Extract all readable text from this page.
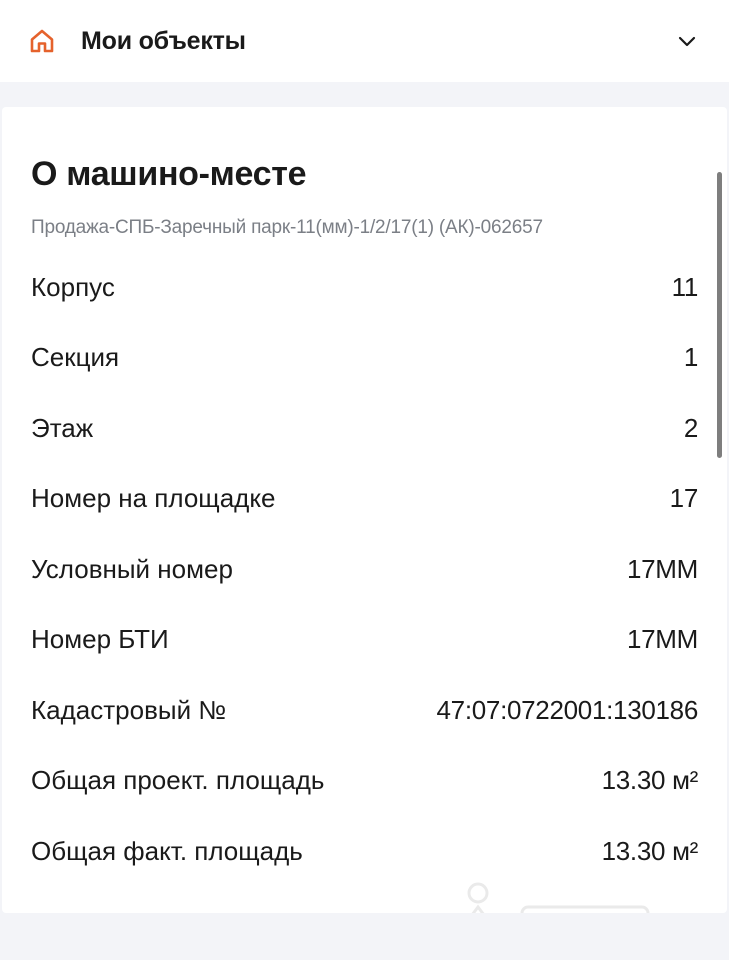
Мои объекты
О машино-месте
Продажа-СПБ-Заречный парк-11(мм)-1/2/17(1) (АК)-062657
Корпус	11
Секция	1
Этаж	2
Номер на площадке	17
Условный номер	17ММ
Номер БТИ	17ММ
Кадастровый №	47:07:0722001:130186
Общая проект. площадь	13.30 м²
Общая факт. площадь	13.30 м²
